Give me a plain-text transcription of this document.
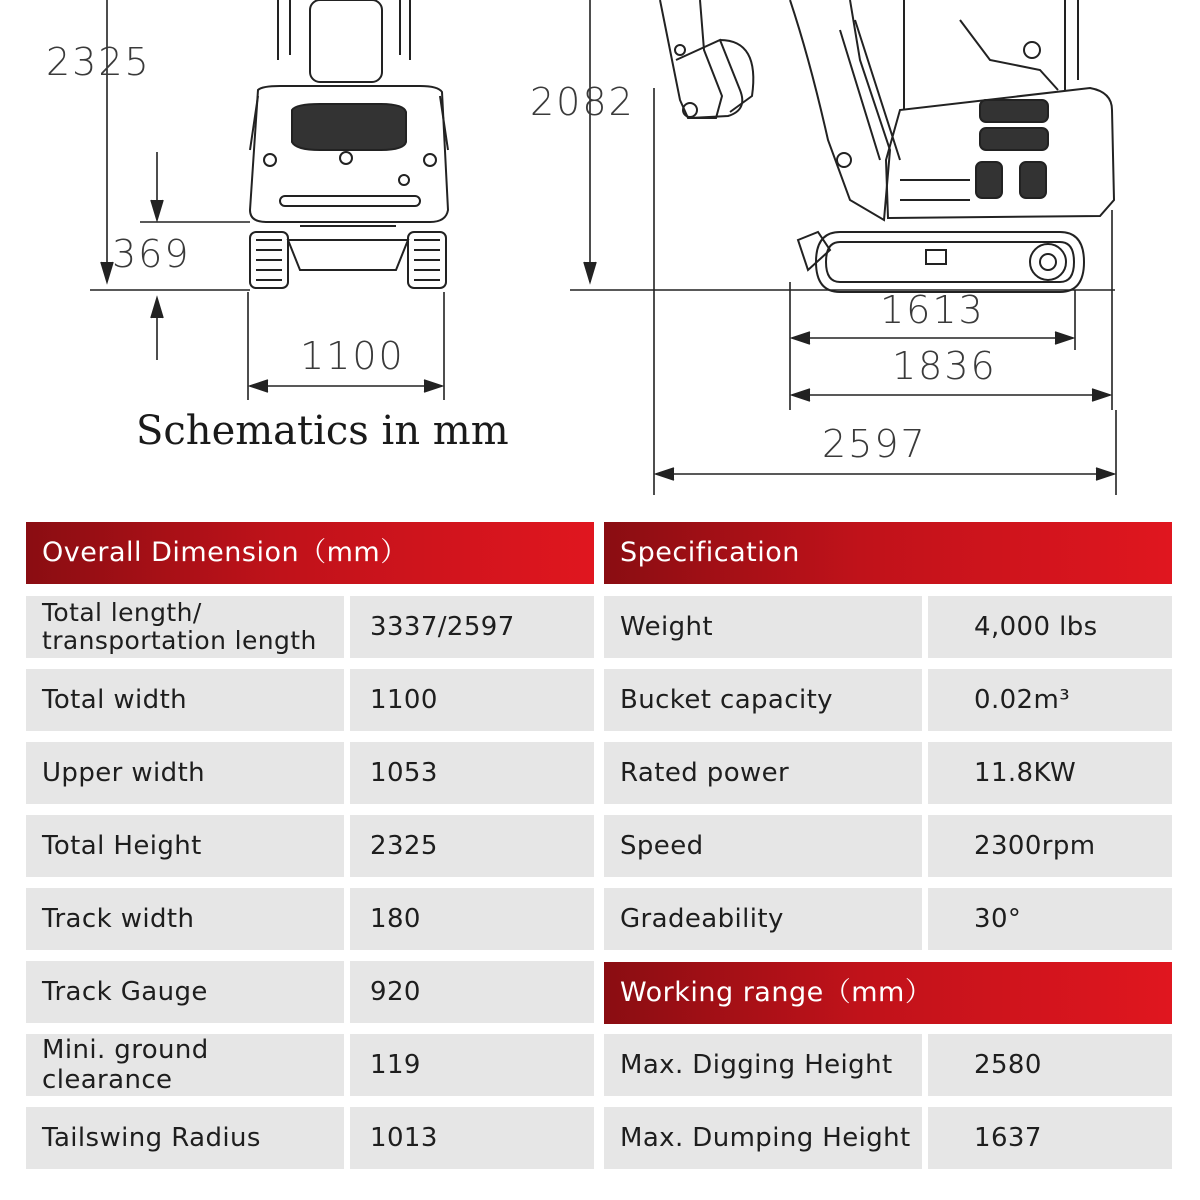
2325
369
1100
2082
1613
1836
2597
Schematics in mm
Overall Dimension（mm）
Total length/
transportation length	3337/2597
Total width	1100
Upper width	1053
Total Height	2325
Track width	180
Track Gauge	920
Mini. ground clearance	119
Tailswing Radius	1013
Specification
Weight	4,000 lbs
Bucket capacity	0.02m³
Rated power	11.8KW
Speed	2300rpm
Gradeability	30°
Working range（mm）
Max. Digging Height	2580
Max. Dumping Height	1637
